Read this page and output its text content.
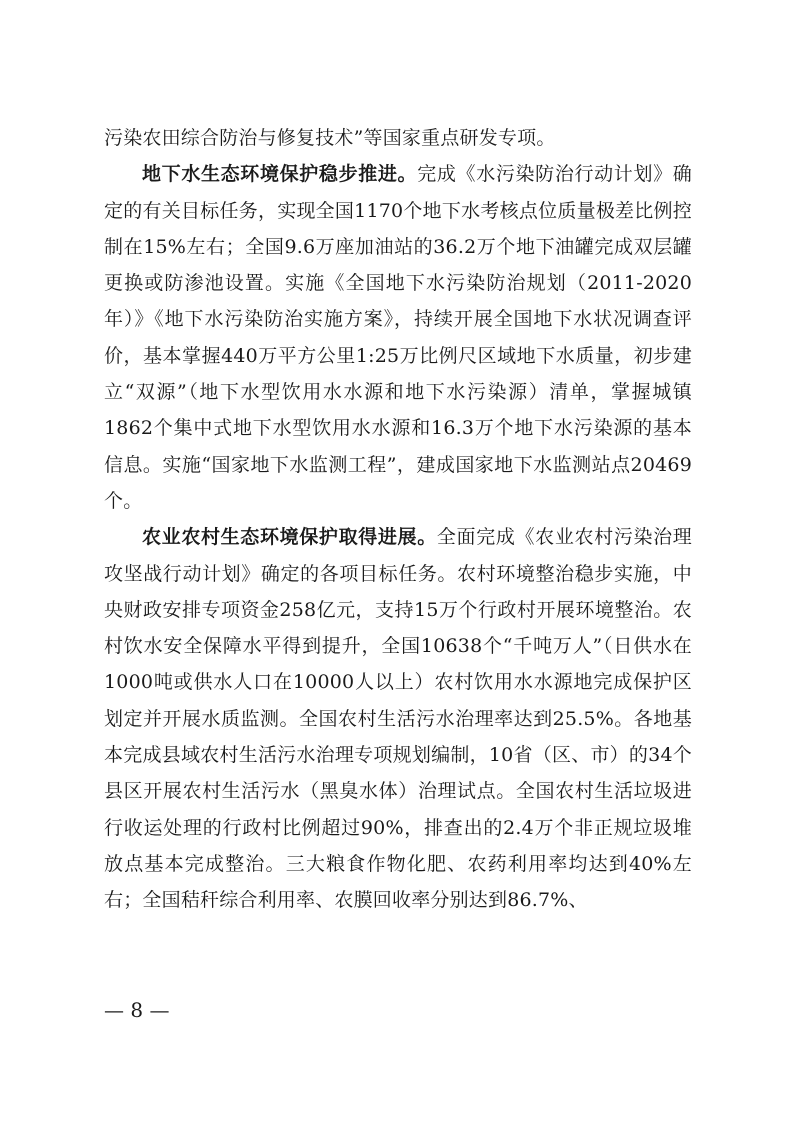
污染农田综合防治与修复技术”等国家重点研发专项。

地下水生态环境保护稳步推进。完成《水污染防治行动计划》确定的有关目标任务，实现全国1170个地下水考核点位质量极差比例控制在15%左右；全国9.6万座加油站的36.2万个地下油罐完成双层罐更换或防渗池设置。实施《全国地下水污染防治规划（2011-2020年）》《地下水污染防治实施方案》，持续开展全国地下水状况调查评价，基本掌握440万平方公里1:25万比例尺区域地下水质量，初步建立“双源”（地下水型饮用水水源和地下水污染源）清单，掌握城镇1862个集中式地下水型饮用水水源和16.3万个地下水污染源的基本信息。实施“国家地下水监测工程”，建成国家地下水监测站点20469个。

农业农村生态环境保护取得进展。全面完成《农业农村污染治理攻坚战行动计划》确定的各项目标任务。农村环境整治稳步实施，中央财政安排专项资金258亿元，支持15万个行政村开展环境整治。农村饮水安全保障水平得到提升，全国10638个“千吨万人”（日供水在1000吨或供水人口在10000人以上）农村饮用水水源地完成保护区划定并开展水质监测。全国农村生活污水治理率达到25.5%。各地基本完成县域农村生活污水治理专项规划编制，10省（区、市）的34个县区开展农村生活污水（黑臭水体）治理试点。全国农村生活垃圾进行收运处理的行政村比例超过90%，排查出的2.4万个非正规垃圾堆放点基本完成整治。三大粮食作物化肥、农药利用率均达到40%左右；全国秸秆综合利用率、农膜回收率分别达到86.7%、

— 8 —
